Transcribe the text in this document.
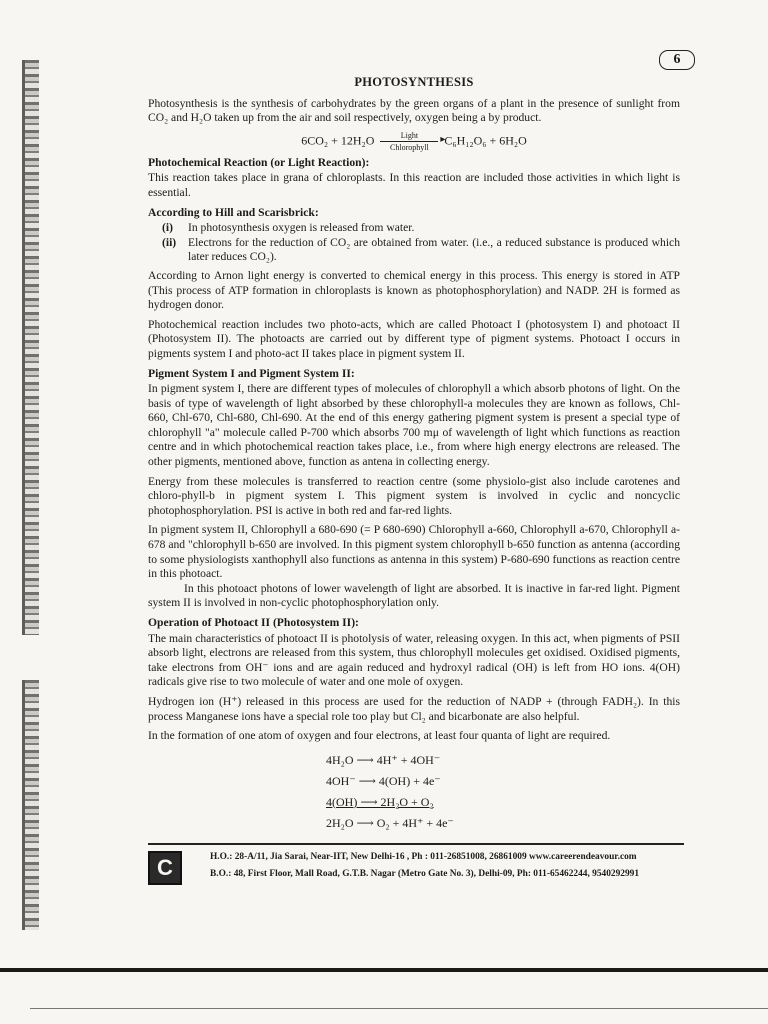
6
PHOTOSYNTHESIS

Photosynthesis is the synthesis of carbohydrates by the green organs of a plant in the presence of sunlight from CO₂ and H₂O taken up from the air and soil respectively, oxygen being a by product.

6CO₂ + 12H₂O	Light
▸
Chlorophyll C₆H₁₂O₆ + 6H₂O
Photochemical Reaction (or Light Reaction):

This reaction takes place in grana of chloroplasts. In this reaction are included those activities in which light is essential.

According to Hill and Scarisbrick:
(i)	In photosynthesis oxygen is released from water.
(ii) Electrons for the reduction of CO₂ are obtained from water. (i.e., a reduced substance is produced which later reduces CO₂).

According to Arnon light energy is converted to chemical energy in this process. This energy is stored in ATP (This process of ATP formation in chloroplasts is known as photophosphorylation) and NADP. 2H is formed as hydrogen donor.

Photochemical reaction includes two photo-acts, which are called Photoact I (photosystem I) and photoact II (Photosystem II). The photoacts are carried out by different type of pigment systems. Photoact I occurs in pigments system I and photo-act II takes place in pigment system II.

Pigment System I and Pigment System II:

In pigment system I, there are different types of molecules of chlorophyll a which absorb photons of light. On the basis of type of wavelength of light absorbed by these chlorophyll-a molecules they are known as follows, Chl-660, Chl-670, Chl-680, Chl-690. At the end of this energy gathering pigment system is present a special type of chlorophyll "a" molecule called P-700 which absorbs 700 mμ of wavelength of light which functions as reaction centre and in which photochemical reaction takes place, i.e., from where high energy electrons are released. The other pigments, mentioned above, function as antena in collecting energy.

Energy from these molecules is transferred to reaction centre (some physiolo-gist also include carotenes and chloro-phyll-b in pigment system I. This pigment system is involved in cyclic and noncyclic photophosphorylation. PSI is active in both red and far-red lights.

In pigment system II, Chlorophyll a 680-690 (= P 680-690) Chlorophyll a-660, Chlorophyll a-670, Chlorophyll a-678 and "chlorophyll b-650 are involved. In this pigment system chlorophyll b-650 function as antenna (according to some physiologists xanthophyll also functions as antenna in this system) P-680-690 functions as reaction centre in this photoact.

In this photoact photons of lower wavelength of light are absorbed. It is inactive in far-red light. Pigment system II is involved in non-cyclic photophosphorylation only.

Operation of Photoact II (Photosystem II):

The main characteristics of photoact II is photolysis of water, releasing oxygen. In this act, when pigments of PSII absorb light, electrons are released from this system, thus chlorophyll molecules get oxidised. Oxidised pigments, take electrons from OH⁻ ions and are again reduced and hydroxyl radical (OH) is left from HO ions. 4(OH) radicals give rise to two molecule of water and one mole of oxygen.

Hydrogen ion (H⁺) released in this process are used for the reduction of NADP + (through FADH₂). In this process Manganese ions have a special role too play but Cl₂ and bicarbonate are also helpful.

In the formation of one atom of oxygen and four electrons, at least four quanta of light are required.

4H₂O ⟶ 4H⁺ + 4OH⁻
4OH⁻ ⟶ 4(OH) + 4e⁻
4(OH) ⟶ 2H₂O + O₂
2H₂O ⟶ O₂ + 4H⁺ + 4e⁻
C	H.O.: 28-A/11, Jia Sarai, Near-IIT, New Delhi-16 , Ph : 011-26851008, 26861009 www.careerendeavour.com
B.O.: 48, First Floor, Mall Road, G.T.B. Nagar (Metro Gate No. 3), Delhi-09, Ph: 011-65462244, 9540292991
